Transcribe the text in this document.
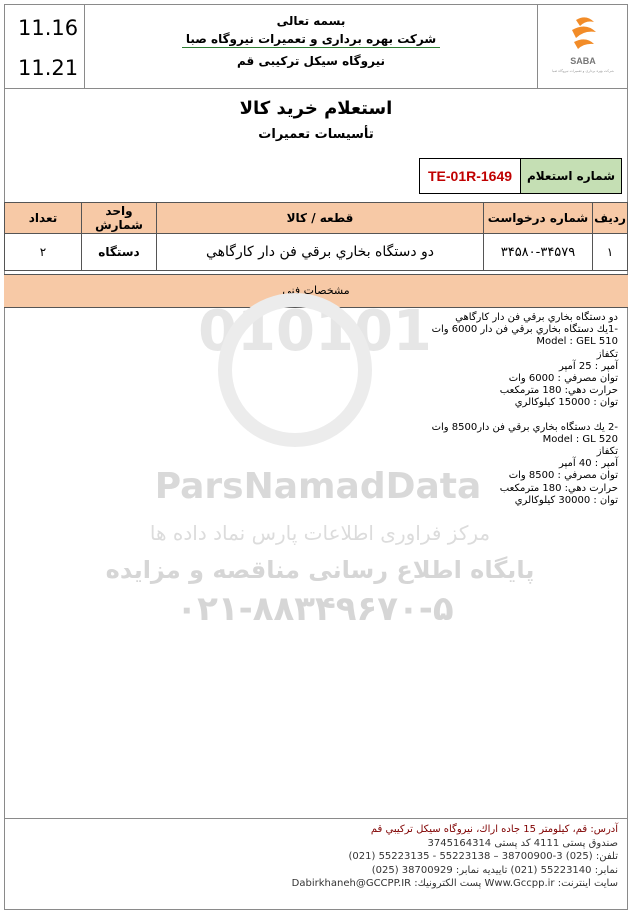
11.16
11.21
بسمه تعالی
شرکت بهره برداری و تعمیرات نیروگاه صبا
نیروگاه سیکل ترکیبی قم	SABA
شرکت بهره برداری و تعمیرات نیروگاه صبا
استعلام خرید کالا
تأسیسات تعمیرات
شماره استعلام
TE-01R-1649
ردیف	شماره درخواست	قطعه / کالا	واحد شمارش	تعداد
۱	۳۴۵۸۰-۳۴۵۷۹	دو دستگاه بخاري برقي فن دار كارگاهي	دستگاه	۲
مشخصات فنی
010101
ParsNamadData
مرکز فراوری اطلاعات پارس نماد داده ها
پایگاه اطلاع رسانی مناقصه و مزایده
۰۲۱-۸۸۳۴۹۶۷۰-۵
دو دستگاه بخاري برقي فن دار كارگاهي
-1يك دستگاه بخاري برقي فن دار 6000 وات
Model : GEL 510
تكفاز
آمپر : 25 آمپر
توان مصرفي : 6000 وات
حرارت دهي: 180 مترمكعب
توان : 15000 كيلوكالري
-2 يك دستگاه بخاري برقي فن دار8500 وات
Model : GL 520
تكفاز
آمپر : 40 آمپر
توان مصرفي : 8500 وات
حرارت دهي: 180 مترمكعب
توان : 30000 كيلوكالري
آدرس: قم، كيلومتر 15 جاده اراك، نيروگاه سيكل تركيبي قم
صندوق پستی 4111 كد پستی 3745164314
تلفن: (025) 3-38700900 – 55223138 - 55223135 (021)
نمابر: 55223140 (021) تاييديه نمابر: 38700929 (025)
سايت اينترنت: Www.Gccpp.ir پست الكترونيك: Dabirkhaneh@GCCPP.IR
